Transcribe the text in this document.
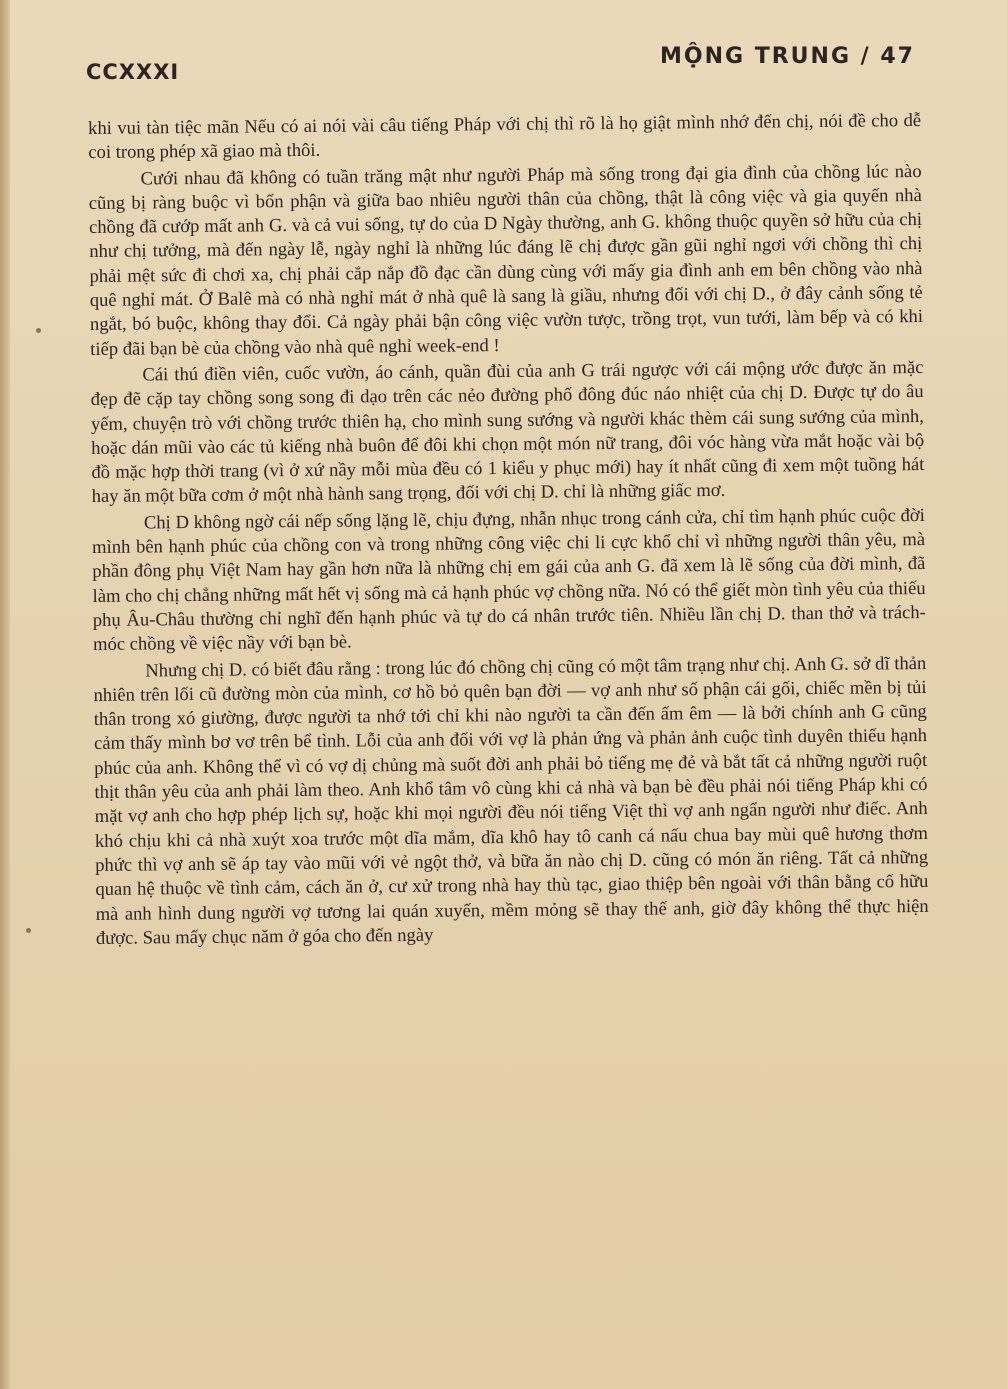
CCXXXI
MỘNG TRUNG / 47

khi vui tàn tiệc mãn Nếu có ai nói vài câu tiếng Pháp với chị thì rõ là họ giật mình nhớ đến chị, nói đề cho dễ coi trong phép xã giao mà thôi.

Cưới nhau đã không có tuần trăng mật như người Pháp mà sống trong đại gia đình của chồng lúc nào cũng bị ràng buộc vì bổn phận và giữa bao nhiêu người thân của chồng, thật là công việc và gia quyến nhà chồng đã cướp mất anh G. và cả vui sống, tự do của D Ngày thường, anh G. không thuộc quyền sở hữu của chị như chị tưởng, mà đến ngày lễ, ngày nghỉ là những lúc đáng lẽ chị được gần gũi nghỉ ngơi với chồng thì chị phải mệt sức đi chơi xa, chị phải cắp nắp đồ đạc cần dùng cùng với mấy gia đình anh em bên chồng vào nhà quê nghỉ mát. Ở Balê mà có nhà nghỉ mát ở nhà quê là sang là giầu, nhưng đối với chị D., ở đây cảnh sống tẻ ngắt, bó buộc, không thay đổi. Cả ngày phải bận công việc vườn tược, trồng trọt, vun tưới, làm bếp và có khi tiếp đãi bạn bè của chồng vào nhà quê nghỉ week-end !

Cái thú điền viên, cuốc vườn, áo cánh, quần đùi của anh G trái ngược với cái mộng ước được ăn mặc đẹp đẽ cặp tay chồng song song đi dạo trên các nẻo đường phố đông đúc náo nhiệt của chị D. Được tự do âu yếm, chuyện trò với chồng trước thiên hạ, cho mình sung sướng và người khác thèm cái sung sướng của mình, hoặc dán mũi vào các tủ kiếng nhà buôn để đôi khi chọn một món nữ trang, đôi vóc hàng vừa mắt hoặc vài bộ đồ mặc hợp thời trang (vì ở xứ nầy mỗi mùa đều có 1 kiểu y phục mới) hay ít nhất cũng đi xem một tuồng hát hay ăn một bữa cơm ở một nhà hành sang trọng, đối với chị D. chỉ là những giấc mơ.

Chị D không ngờ cái nếp sống lặng lẽ, chịu đựng, nhẫn nhục trong cánh cửa, chỉ tìm hạnh phúc cuộc đời mình bên hạnh phúc của chồng con và trong những công việc chi li cực khổ chỉ vì những người thân yêu, mà phần đông phụ Việt Nam hay gần hơn nữa là những chị em gái của anh G. đã xem là lẽ sống của đời mình, đã làm cho chị chẳng những mất hết vị sống mà cả hạnh phúc vợ chồng nữa. Nó có thể giết mòn tình yêu của thiếu phụ Âu-Châu thường chỉ nghĩ đến hạnh phúc và tự do cá nhân trước tiên. Nhiều lần chị D. than thở và trách-móc chồng về việc nầy với bạn bè.

Nhưng chị D. có biết đâu rằng : trong lúc đó chồng chị cũng có một tâm trạng như chị. Anh G. sở dĩ thản nhiên trên lối cũ đường mòn của mình, cơ hồ bỏ quên bạn đời — vợ anh như số phận cái gối, chiếc mền bị tủi thân trong xó giường, được người ta nhớ tới chỉ khi nào người ta cần đến ấm êm — là bởi chính anh G cũng cảm thấy mình bơ vơ trên bể tình. Lỗi của anh đối với vợ là phản ứng và phản ảnh cuộc tình duyên thiếu hạnh phúc của anh. Không thể vì có vợ dị chủng mà suốt đời anh phải bỏ tiếng mẹ đẻ và bắt tất cả những người ruột thịt thân yêu của anh phải làm theo. Anh khổ tâm vô cùng khi cả nhà và bạn bè đều phải nói tiếng Pháp khi có mặt vợ anh cho hợp phép lịch sự, hoặc khi mọi người đều nói tiếng Việt thì vợ anh ngẩn người như điếc. Anh khó chịu khi cả nhà xuýt xoa trước một dĩa mắm, dĩa khô hay tô canh cá nấu chua bay mùi quê hương thơm phức thì vợ anh sẽ áp tay vào mũi với vẻ ngột thở, và bữa ăn nào chị D. cũng có món ăn riêng. Tất cả những quan hệ thuộc về tình cảm, cách ăn ở, cư xử trong nhà hay thù tạc, giao thiệp bên ngoài với thân bằng cố hữu mà anh hình dung người vợ tương lai quán xuyến, mềm mỏng sẽ thay thế anh, giờ đây không thể thực hiện được. Sau mấy chục năm ở góa cho đến ngày
